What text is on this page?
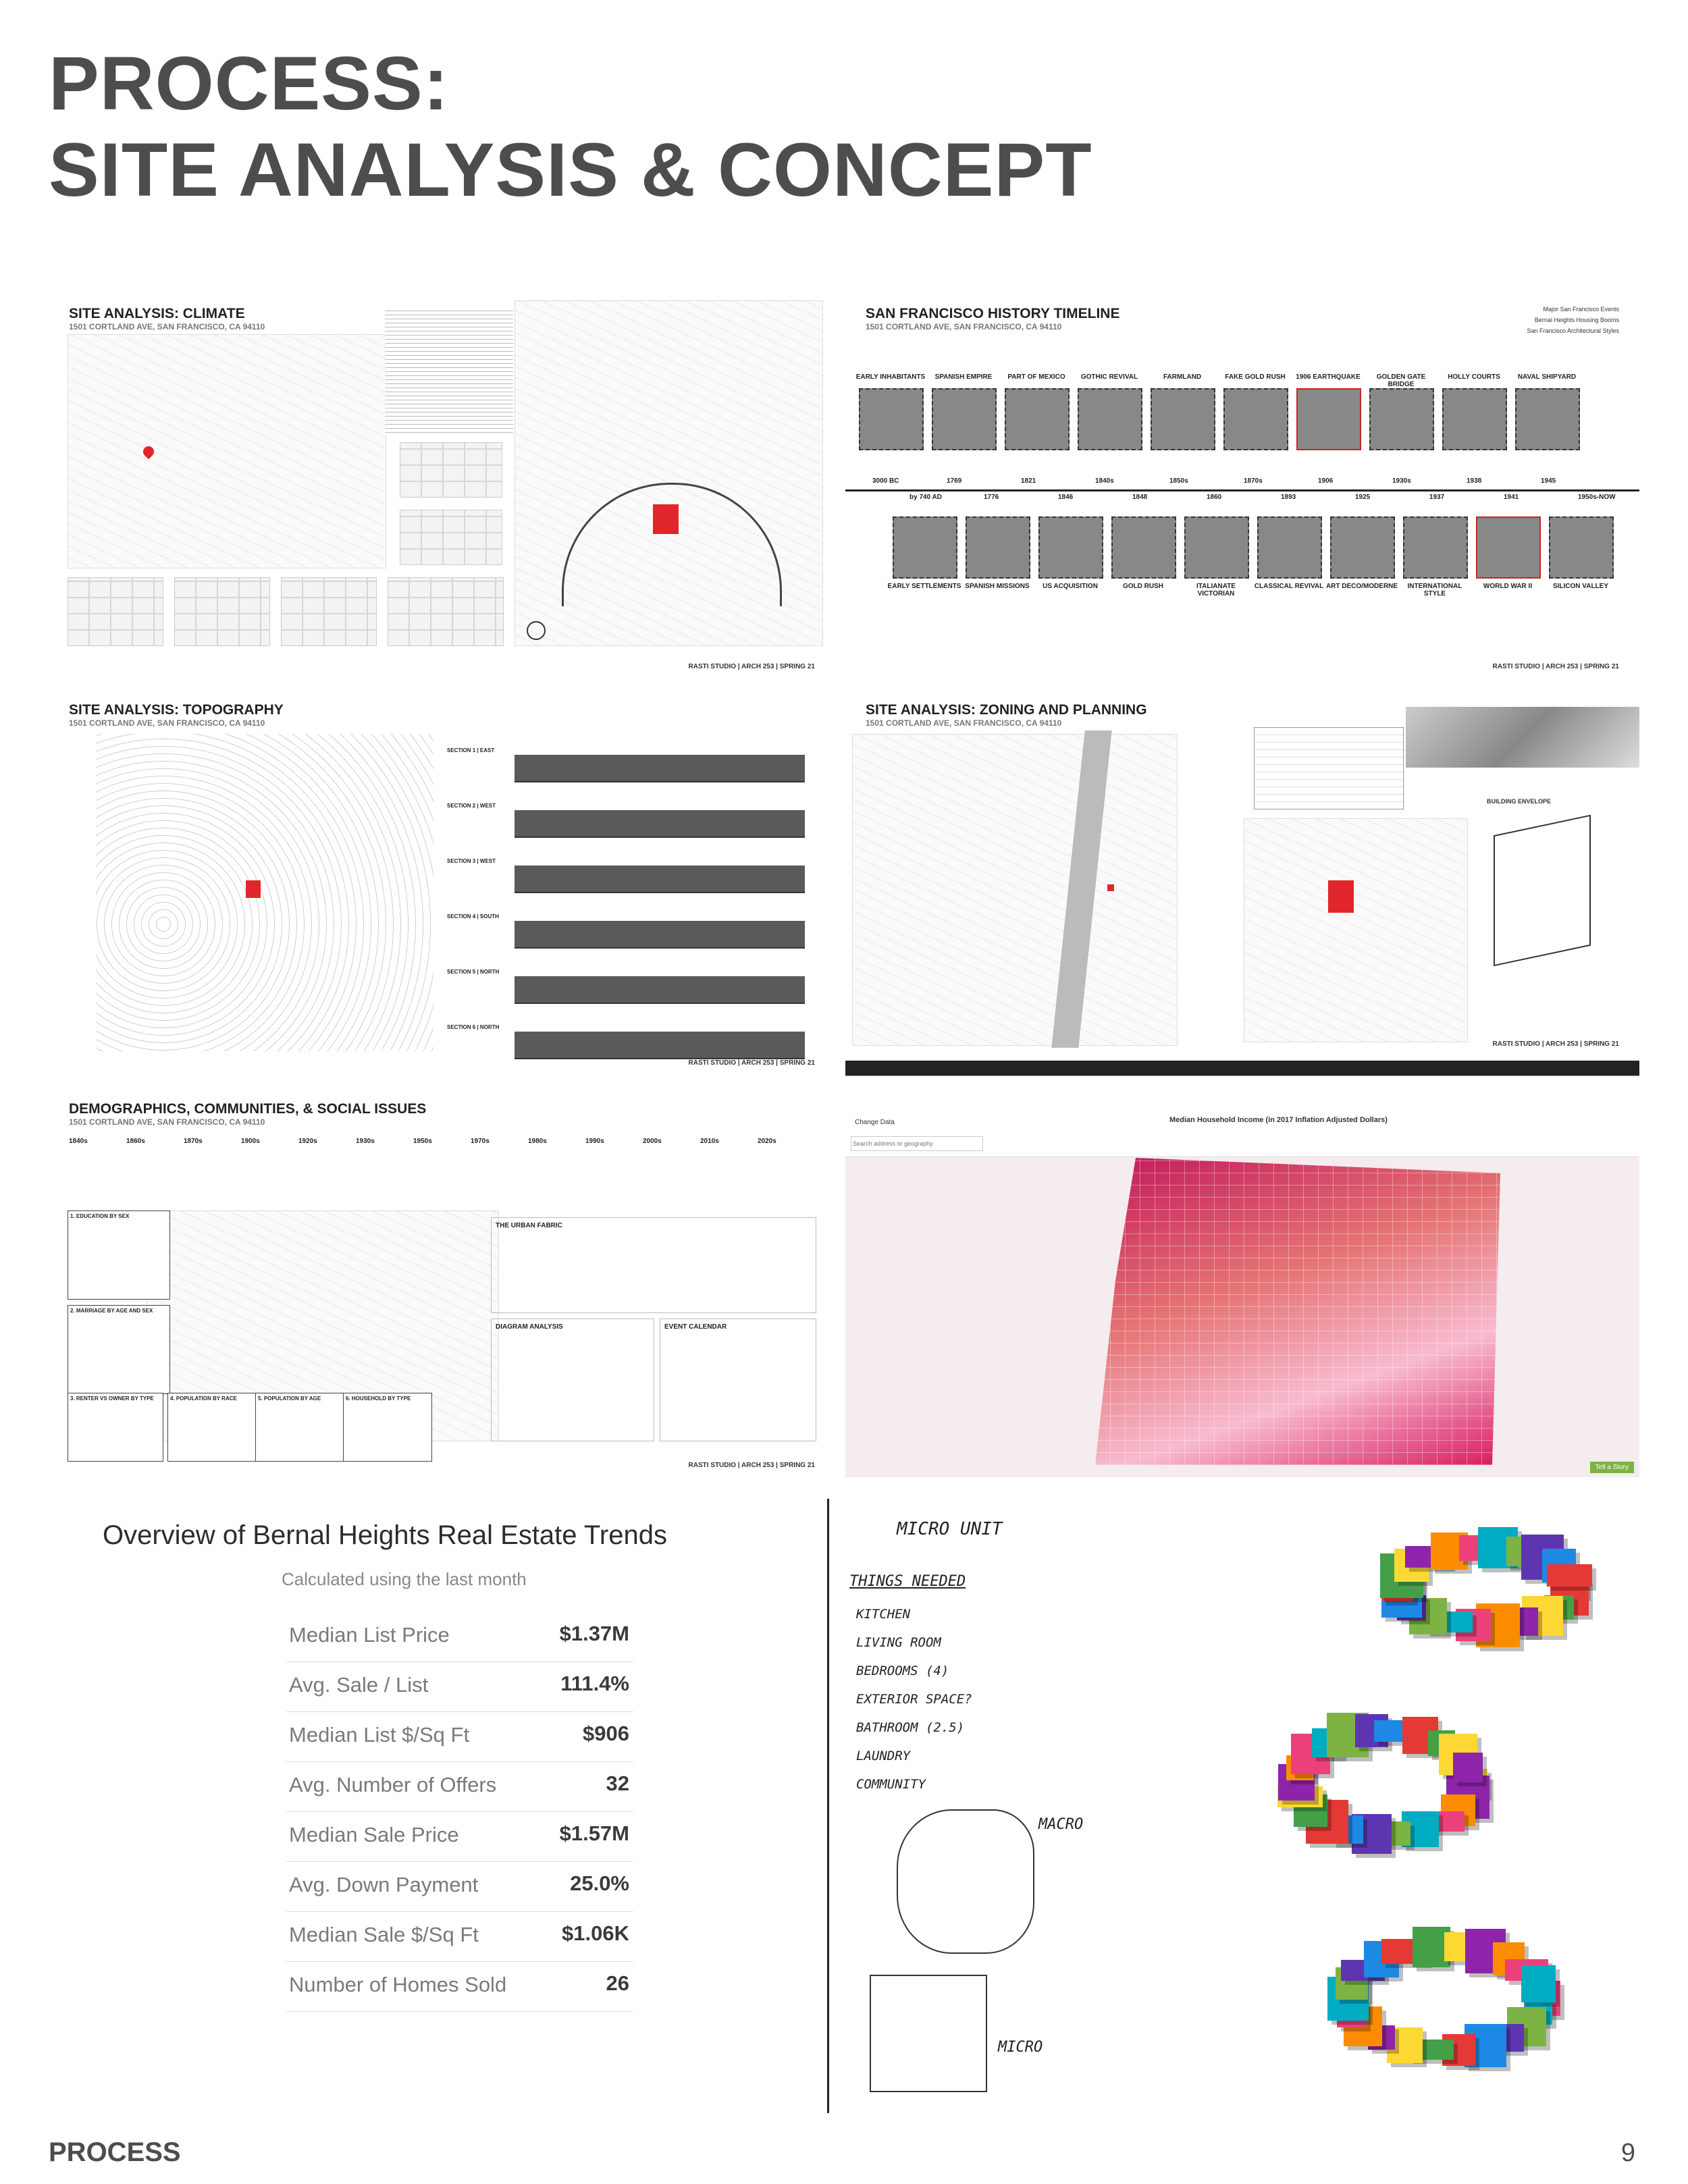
PROCESS:
SITE ANALYSIS & CONCEPT
SITE ANALYSIS: CLIMATE
1501 CORTLAND AVE, SAN FRANCISCO, CA 94110
RASTI STUDIO | ARCH 253 | SPRING 21
SAN FRANCISCO HISTORY TIMELINE
1501 CORTLAND AVE, SAN FRANCISCO, CA 94110
Major San Francisco Events
Bernal Heights Housing Booms
San Francisco Architectural Styles
EARLY INHABITANTS	SPANISH EMPIRE	PART OF MEXICO	GOTHIC REVIVAL	FARMLAND	FAKE GOLD RUSH	1906 EARTHQUAKE	GOLDEN GATE BRIDGE
HOLLY COURTS	NAVAL SHIPYARD
3000 BC
by 740 AD
1769
1776
1821
1846
1840s
1848
1850s
1860
1870s
1893
1906
1925
1930s
1937
1938
1941
1945
1950s-NOW
EARLY SETTLEMENTS SPANISH MISSIONS	US ACQUISITION	GOLD RUSH	ITALIANATE VICTORIAN
CLASSICAL REVIVAL ART DECO/MODERNE	INTERNATIONAL STYLE
WORLD WAR II	SILICON VALLEY
RASTI STUDIO | ARCH 253 | SPRING 21
SITE ANALYSIS: TOPOGRAPHY
1501 CORTLAND AVE, SAN FRANCISCO, CA 94110
SECTION 1 | EAST
SECTION 2 | WEST
SECTION 3 | WEST
SECTION 4 | SOUTH
SECTION 5 | NORTH
SECTION 6 | NORTH
RASTI STUDIO | ARCH 253 | SPRING 21
SITE ANALYSIS: ZONING AND PLANNING
1501 CORTLAND AVE, SAN FRANCISCO, CA 94110
BUILDING ENVELOPE
RASTI STUDIO | ARCH 253 | SPRING 21
DEMOGRAPHICS, COMMUNITIES, & SOCIAL ISSUES
1501 CORTLAND AVE, SAN FRANCISCO, CA 94110
1840s	1860s	1870s	1900s	1920s	1930s	1950s	1970s	1980s	1990s	2000s	2010s	2020s
1. EDUCATION BY SEX
2. MARRIAGE BY AGE AND SEX
3. RENTER VS OWNER BY TYPE	4. POPULATION BY RACE	5. POPULATION BY AGE	6. HOUSEHOLD BY TYPE
THE URBAN FABRIC
DIAGRAM ANALYSIS	EVENT CALENDAR
RASTI STUDIO | ARCH 253 | SPRING 21
Change Data	Median Household Income (in 2017 Inflation Adjusted Dollars)
Search address or geography
Tell a Story
Overview of Bernal Heights Real Estate Trends
Calculated using the last month
Median List Price	$1.37M
Avg. Sale / List	111.4%
Median List $/Sq Ft	$906
Avg. Number of Offers	32
Median Sale Price	$1.57M
Avg. Down Payment	25.0%
Median Sale $/Sq Ft	$1.06K
Number of Homes Sold	26
MICRO UNIT
THINGS NEEDED
KITCHEN
LIVING ROOM
BEDROOMS (4)
EXTERIOR SPACE?
BATHROOM (2.5)
LAUNDRY
COMMUNITY
MACRO
MICRO
PROCESS	9
